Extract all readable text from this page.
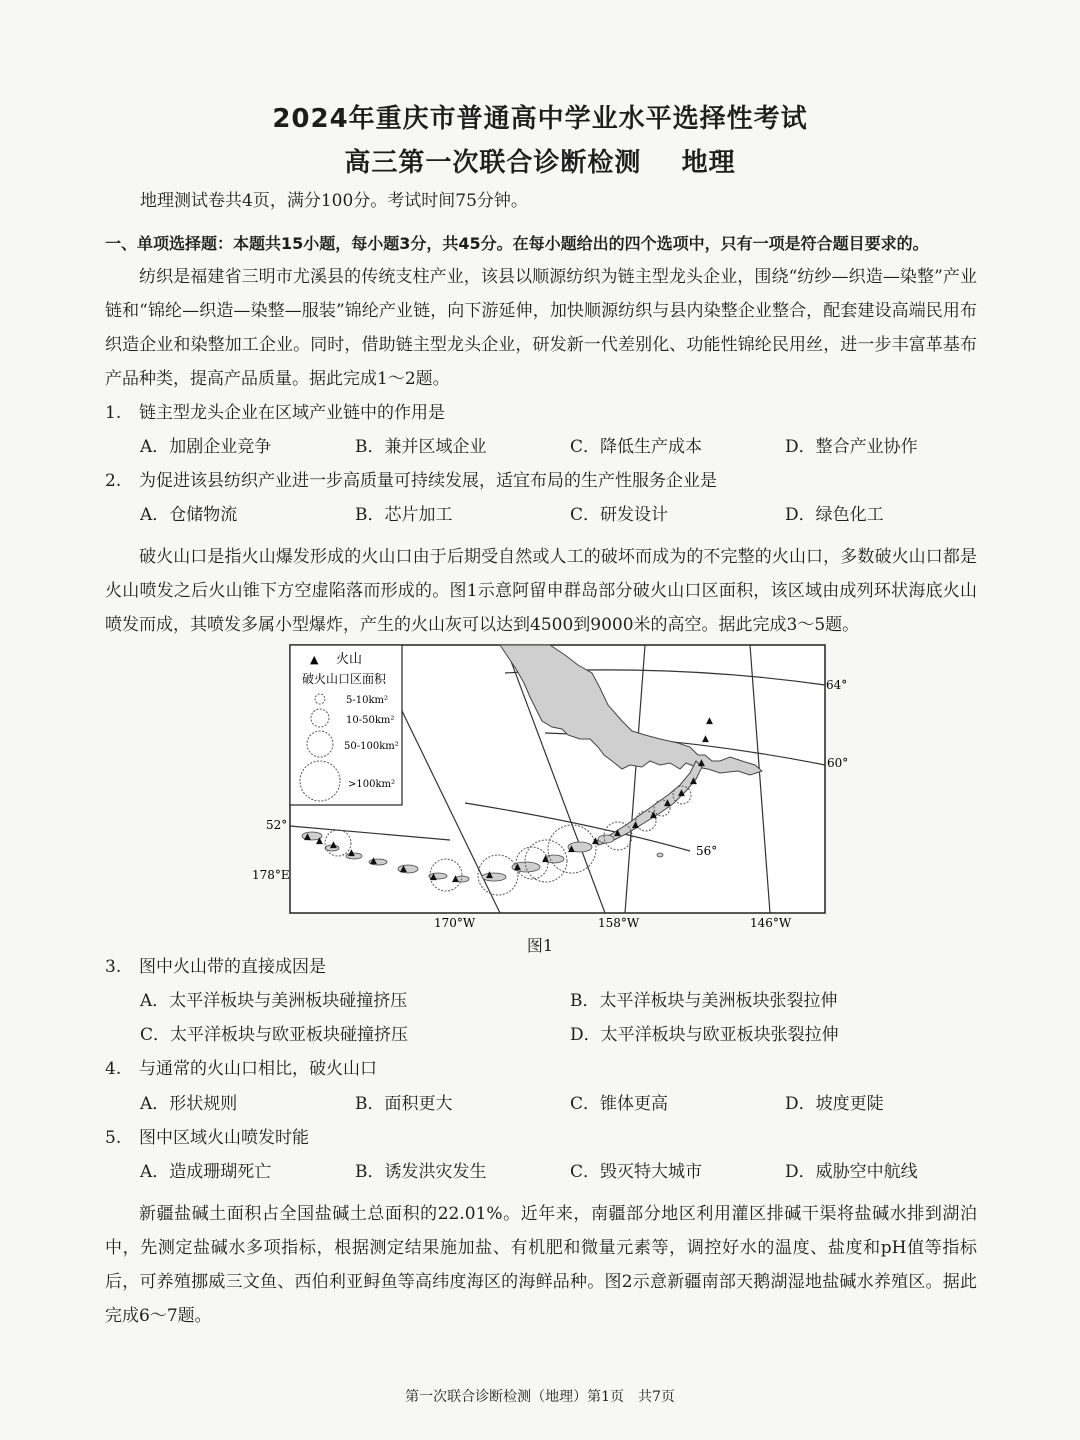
2024年重庆市普通高中学业水平选择性考试
高三第一次联合诊断检测    地理
地理测试卷共4页，满分100分。考试时间75分钟。
一、单项选择题：本题共15小题，每小题3分，共45分。在每小题给出的四个选项中，只有一项是符合题目要求的。

纺织是福建省三明市尤溪县的传统支柱产业，该县以顺源纺织为链主型龙头企业，围绕“纺纱—织造—染整”产业链和“锦纶—织造—染整—服装”锦纶产业链，向下游延伸，加快顺源纺织与县内染整企业整合，配套建设高端民用布织造企业和染整加工企业。同时，借助链主型龙头企业，研发新一代差别化、功能性锦纶民用丝，进一步丰富革基布产品种类，提高产品质量。据此完成1～2题。

1. 链主型龙头企业在区域产业链中的作用是
A．加剧企业竞争	B．兼并区域企业	C．降低生产成本	D．整合产业协作
2. 为促进该县纺织产业进一步高质量可持续发展，适宜布局的生产性服务企业是
A．仓储物流	B．芯片加工	C．研发设计	D．绿色化工

破火山口是指火山爆发形成的火山口由于后期受自然或人工的破坏而成为的不完整的火山口，多数破火山口都是火山喷发之后火山锥下方空虚陷落而形成的。图1示意阿留申群岛部分破火山口区面积，该区域由成列环状海底火山喷发而成，其喷发多属小型爆炸，产生的火山灰可以达到4500到9000米的高空。据此完成3～5题。

▲ ▲ ▲
▲
▲
▲
▲ ▲	▲
▲
▲
▲
▲
▲
▲
▲
▲
▲
▲
▲
▲
▲
▲ 火山
破火山口区面积
5-10km²
10-50km²
50-100km²
>100km²
64°
60°
56°
52°
178°E
170°W	158°W	146°W
图1
3. 图中火山带的直接成因是
A．太平洋板块与美洲板块碰撞挤压	B．太平洋板块与美洲板块张裂拉伸
C．太平洋板块与欧亚板块碰撞挤压	D．太平洋板块与欧亚板块张裂拉伸
4. 与通常的火山口相比，破火山口
A．形状规则	B．面积更大	C．锥体更高	D．坡度更陡
5. 图中区域火山喷发时能
A．造成珊瑚死亡	B．诱发洪灾发生	C．毁灭特大城市	D．威胁空中航线

新疆盐碱土面积占全国盐碱土总面积的22.01%。近年来，南疆部分地区利用灌区排碱干渠将盐碱水排到湖泊中，先测定盐碱水多项指标，根据测定结果施加盐、有机肥和微量元素等，调控好水的温度、盐度和pH值等指标后，可养殖挪威三文鱼、西伯利亚鲟鱼等高纬度海区的海鲜品种。图2示意新疆南部天鹅湖湿地盐碱水养殖区。据此完成6～7题。

第一次联合诊断检测（地理）第1页　共7页
